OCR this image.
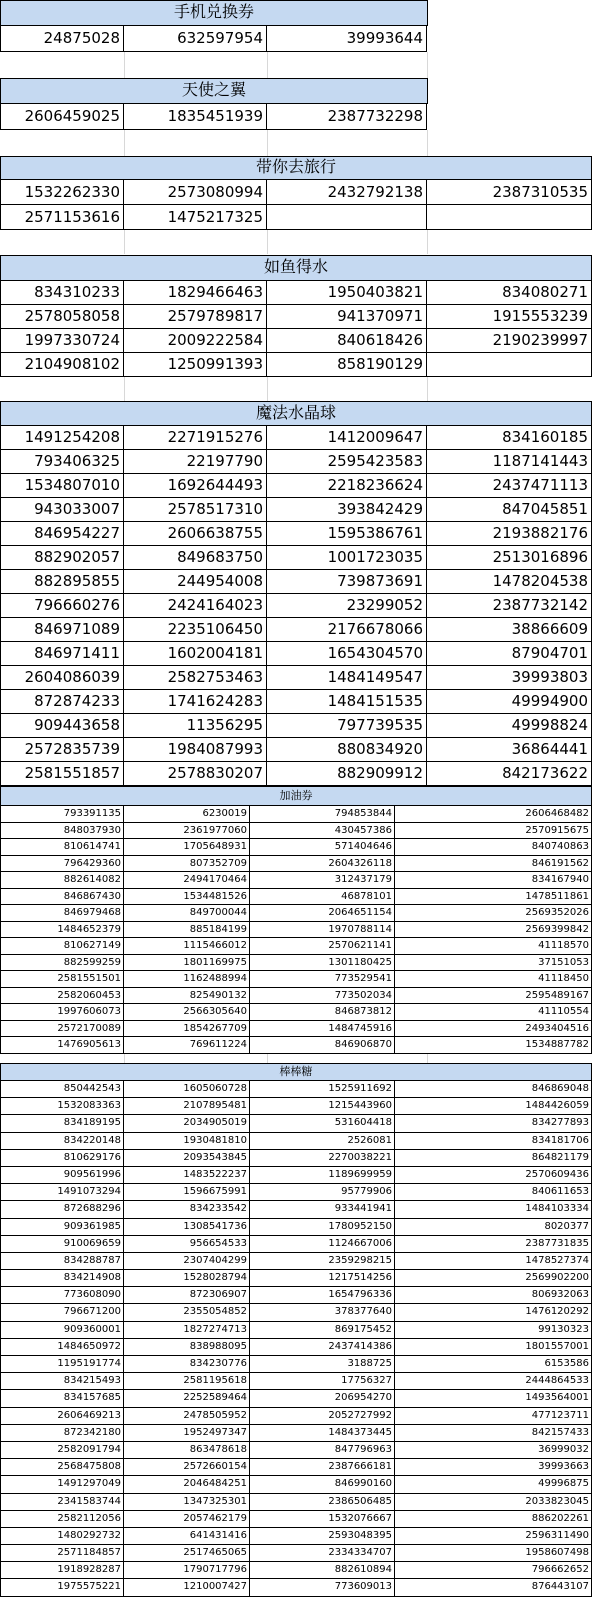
手机兑换券
24875028	632597954	39993644
天使之翼
2606459025	1835451939	2387732298
带你去旅行
1532262330	2573080994	2432792138	2387310535
2571153616	1475217325
如鱼得水
834310233	1829466463	1950403821	834080271
2578058058	2579789817	941370971	1915553239
1997330724	2009222584	840618426	2190239997
2104908102	1250991393	858190129
魔法水晶球
1491254208	2271915276	1412009647	834160185
793406325	22197790	2595423583	1187141443
1534807010	1692644493	2218236624	2437471113
943033007	2578517310	393842429	847045851
846954227	2606638755	1595386761	2193882176
882902057	849683750	1001723035	2513016896
882895855	244954008	739873691	1478204538
796660276	2424164023	23299052	2387732142
846971089	2235106450	2176678066	38866609
846971411	1602004181	1654304570	87904701
2604086039	2582753463	1484149547	39993803
872874233	1741624283	1484151535	49994900
909443658	11356295	797739535	49998824
2572835739	1984087993	880834920	36864441
2581551857	2578830207	882909912	842173622
加油券
793391135	6230019	794853844	2606468482
848037930	2361977060	430457386	2570915675
810614741	1705648931	571404646	840740863
796429360	807352709	2604326118	846191562
882614082	2494170464	312437179	834167940
846867430	1534481526	46878101	1478511861
846979468	849700044	2064651154	2569352026
1484652379	885184199	1970788114	2569399842
810627149	1115466012	2570621141	41118570
882599259	1801169975	1301180425	37151053
2581551501	1162488994	773529541	41118450
2582060453	825490132	773502034	2595489167
1997606073	2566305640	846873812	41110554
2572170089	1854267709	1484745916	2493404516
1476905613	769611224	846906870	1534887782
棒棒糖
850442543	1605060728	1525911692	846869048
1532083363	2107895481	1215443960	1484426059
834189195	2034905019	531604418	834277893
834220148	1930481810	2526081	834181706
810629176	2093543845	2270038221	864821179
909561996	1483522237	1189699959	2570609436
1491073294	1596675991	95779906	840611653
872688296	834233542	933441941	1484103334
909361985	1308541736	1780952150	8020377
910069659	956654533	1124667006	2387731835
834288787	2307404299	2359298215	1478527374
834214908	1528028794	1217514256	2569902200
773608090	872306907	1654796336	806932063
796671200	2355054852	378377640	1476120292
909360001	1827274713	869175452	99130323
1484650972	838988095	2437414386	1801557001
1195191774	834230776	3188725	6153586
834215493	2581195618	17756327	2444864533
834157685	2252589464	206954270	1493564001
2606469213	2478505952	2052727992	477123711
872342180	1952497347	1484373445	842157433
2582091794	863478618	847796963	36999032
2568475808	2572660154	2387666181	39993663
1491297049	2046484251	846990160	49996875
2341583744	1347325301	2386506485	2033823045
2582112056	2057462179	1532076667	886202261
1480292732	641431416	2593048395	2596311490
2571184857	2517465065	2334334707	1958607498
1918928287	1790717796	882610894	796662652
1975575221	1210007427	773609013	876443107
